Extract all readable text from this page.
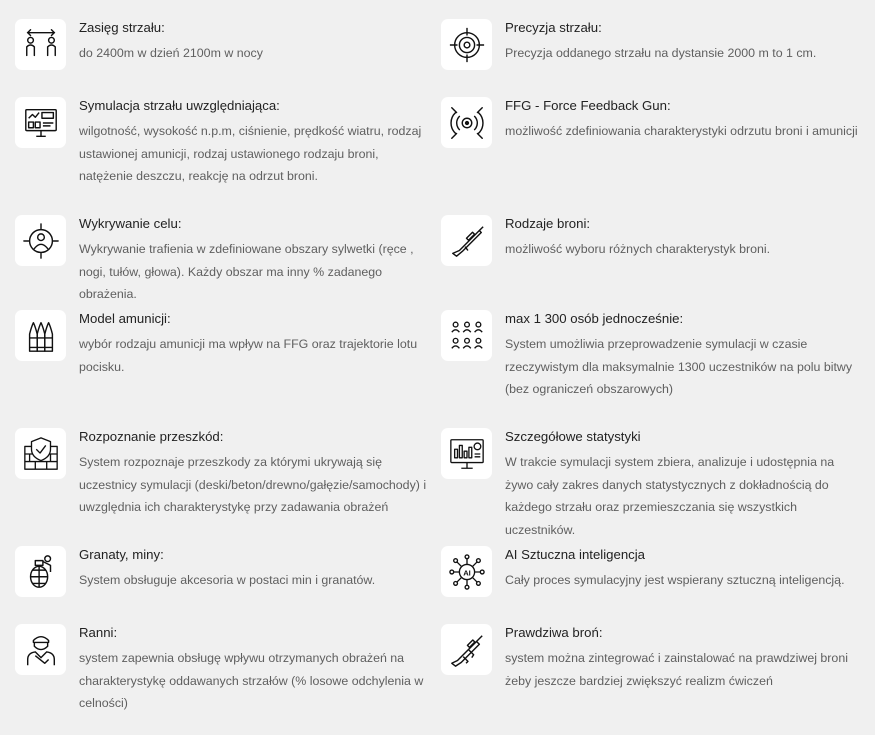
Zasięg strzału:

do 2400m w dzień 2100m w nocy

Precyzja strzału:

Precyzja oddanego strzału na dystansie 2000 m to 1 cm.

Symulacja strzału uwzględniająca:

wilgotność, wysokość n.p.m, ciśnienie, prędkość wiatru, rodzaj ustawionej amunicji, rodzaj ustawionego rodzaju broni, natężenie deszczu, reakcję na odrzut broni.

FFG - Force Feedback Gun:

możliwość zdefiniowania charakterystyki odrzutu broni i amunicji

Wykrywanie celu:

Wykrywanie trafienia w zdefiniowane obszary sylwetki (ręce , nogi, tułów, głowa). Każdy obszar ma inny % zadanego obrażenia.

Rodzaje broni:

możliwość wyboru różnych charakterystyk broni.

Model amunicji:

wybór rodzaju amunicji ma wpływ na FFG oraz trajektorie lotu pocisku.

max 1 300 osób jednocześnie:

System umożliwia przeprowadzenie symulacji w czasie rzeczywistym dla maksymalnie 1300 uczestników na polu bitwy (bez ograniczeń obszarowych)

Rozpoznanie przeszkód:

System rozpoznaje przeszkody za którymi ukrywają się uczestnicy symulacji (deski/beton/drewno/gałęzie/samochody) i uwzględnia ich charakterystykę przy zadawania obrażeń

Szczegółowe statystyki

W trakcie symulacji system zbiera, analizuje i udostępnia na żywo cały zakres danych statystycznych z dokładnością do każdego strzału oraz przemieszczania się wszystkich uczestników.

Granaty, miny:

System obsługuje akcesoria w postaci min i granatów.

AI

AI Sztuczna inteligencja

Cały proces symulacyjny jest wspierany sztuczną inteligencją.

Ranni:

system zapewnia obsługę wpływu otrzymanych obrażeń na charakterystykę oddawanych strzałów (% losowe odchylenia w celności)

Prawdziwa broń:

system można zintegrować i zainstalować na prawdziwej broni żeby jeszcze bardziej zwiększyć realizm ćwiczeń
